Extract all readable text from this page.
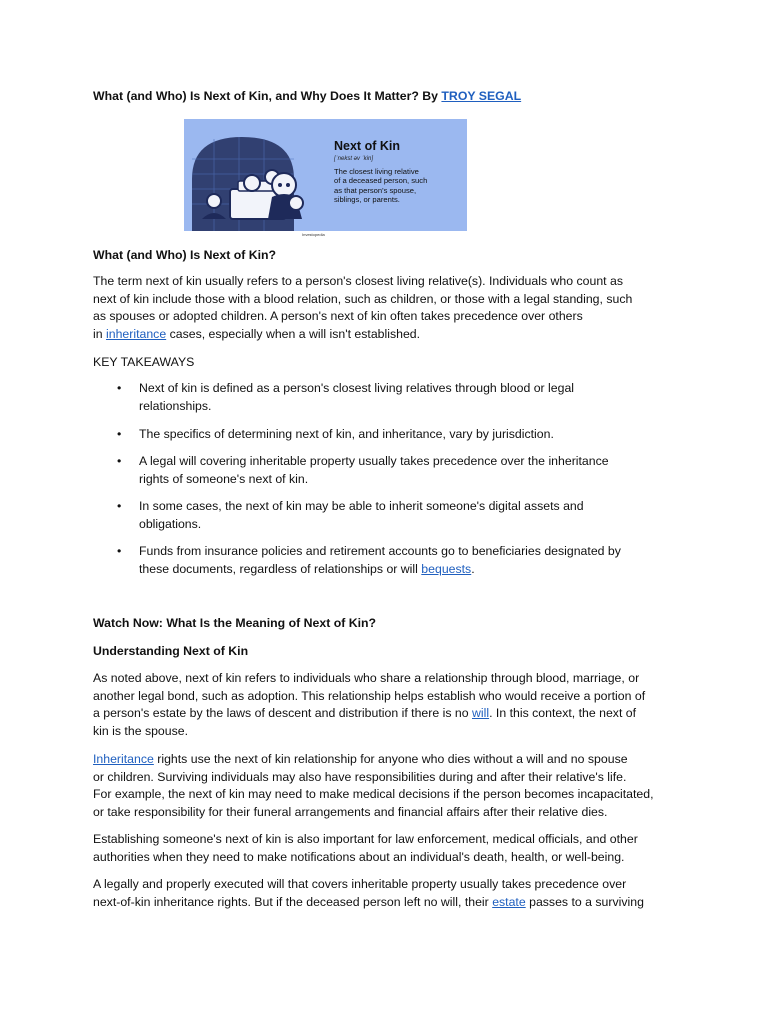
What (and Who) Is Next of Kin, and Why Does It Matter? By TROY SEGAL
Next of Kin
[ˈnekst əv ˈkin]
The closest living relative
of a deceased person, such
as that person's spouse,
siblings, or parents.
Investopedia
What (and Who) Is Next of Kin?
The term next of kin usually refers to a person's closest living relative(s). Individuals who count as
next of kin include those with a blood relation, such as children, or those with a legal standing, such
as spouses or adopted children. A person's next of kin often takes precedence over others
in inheritance cases, especially when a will isn't established.
KEY TAKEAWAYS
• Next of kin is defined as a person's closest living relatives through blood or legal
relationships.
• The specifics of determining next of kin, and inheritance, vary by jurisdiction.
• A legal will covering inheritable property usually takes precedence over the inheritance
rights of someone's next of kin.
• In some cases, the next of kin may be able to inherit someone's digital assets and
obligations.
• Funds from insurance policies and retirement accounts go to beneficiaries designated by
these documents, regardless of relationships or will bequests.
Watch Now: What Is the Meaning of Next of Kin?
Understanding Next of Kin
As noted above, next of kin refers to individuals who share a relationship through blood, marriage, or
another legal bond, such as adoption. This relationship helps establish who would receive a portion of
a person's estate by the laws of descent and distribution if there is no will. In this context, the next of
kin is the spouse.
Inheritance rights use the next of kin relationship for anyone who dies without a will and no spouse
or children. Surviving individuals may also have responsibilities during and after their relative's life.
For example, the next of kin may need to make medical decisions if the person becomes incapacitated,
or take responsibility for their funeral arrangements and financial affairs after their relative dies.
Establishing someone's next of kin is also important for law enforcement, medical officials, and other
authorities when they need to make notifications about an individual's death, health, or well-being.
A legally and properly executed will that covers inheritable property usually takes precedence over
next-of-kin inheritance rights. But if the deceased person left no will, their estate passes to a surviving
